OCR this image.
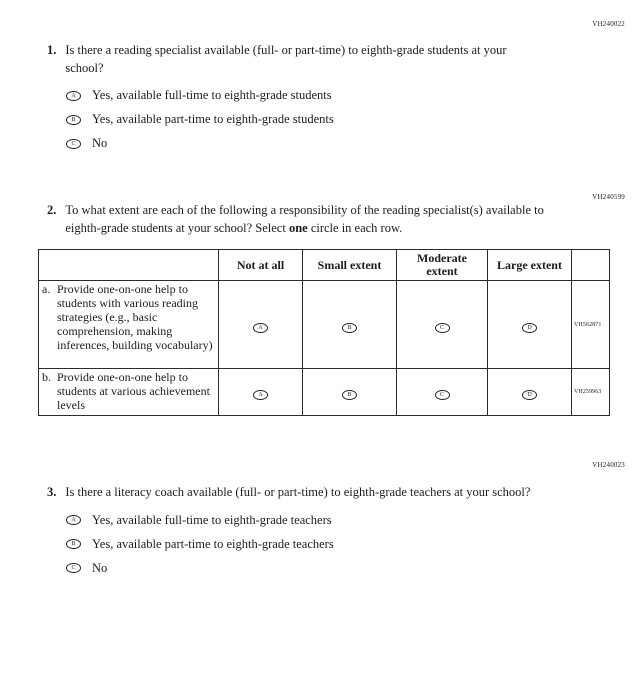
VH240022
1. Is there a reading specialist available (full- or part-time) to eighth-grade students at your school?
A	Yes, available full-time to eighth-grade students
B	Yes, available part-time to eighth-grade students
C	No
VH240599
2. To what extent are each of the following a responsibility of the reading specialist(s) available to eighth-grade students at your school? Select one circle in each row.
	Not at all	Small extent	Moderate extent	Large extent	

a. Provide one-on-one help to students with various reading strategies (e.g., basic comprehension, making inferences, building vocabulary)	A	B	C	D	VH562871

b. Provide one-on-one help to students at various achievement levels	A	B	C	D	VH259963
VH240023
3. Is there a literacy coach available (full- or part-time) to eighth-grade teachers at your school?
A	Yes, available full-time to eighth-grade teachers
B	Yes, available part-time to eighth-grade teachers
C	No
